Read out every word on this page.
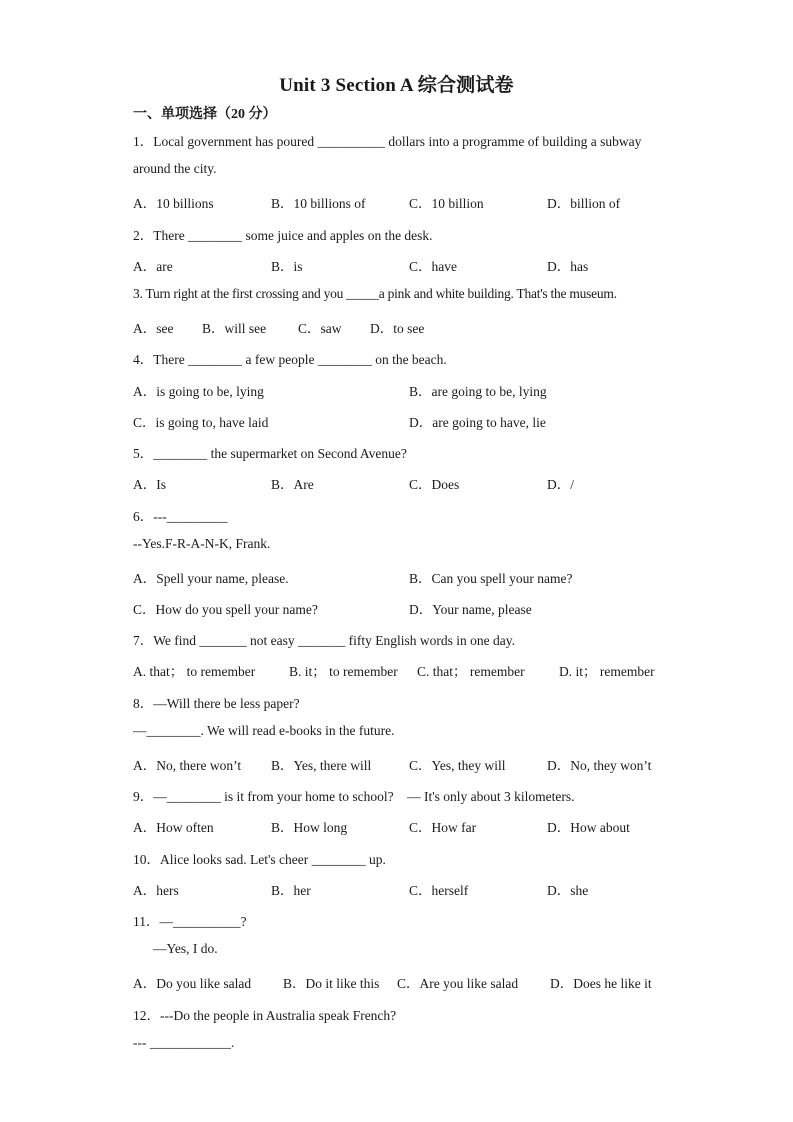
Unit 3 Section A 综合测试卷
一、单项选择（20 分）
1．Local government has poured __________ dollars into a programme of building a subway
around the city.
A．10 billions	B．10 billions of	C．10 billion	D．billion of
2．There ________ some juice and apples on the desk.
A．are	B．is	C．have	D．has
3. Turn right at the first crossing and you _____a pink and white building. That's the museum.
A．see B．will see C．saw D．to see
4．There ________ a few people ________ on the beach.
A．is going to be, lying	B．are going to be, lying
C．is going to, have laid	D．are going to have, lie
5．________ the supermarket on Second Avenue?
A．Is	B．Are	C．Does	D．/
6．---_________
--Yes.F-R-A-N-K, Frank.
A．Spell your name, please.	B．Can you spell your name?
C．How do you spell your name?	D．Your name, please
7．We find _______ not easy _______ fifty English words in one day.
A. that； to remember	B. it； to remember C. that； remember	D. it； remember
8．—Will there be less paper?
—________. We will read e-books in the future.
A．No, there won’t B．Yes, there will	C．Yes, they will	D．No, they won’t
9．—________ is it from your home to school?　— It's only about 3 kilometers.
A．How often	B．How long	C．How far	D．How about
10．Alice looks sad. Let's cheer ________ up.
A．hers	B．her	C．herself	D．she
11．—__________?
—Yes, I do.
A．Do you like salad B．Do it like this C．Are you like salad D．Does he like it
12．---Do the people in Australia speak French?
--- ____________.
